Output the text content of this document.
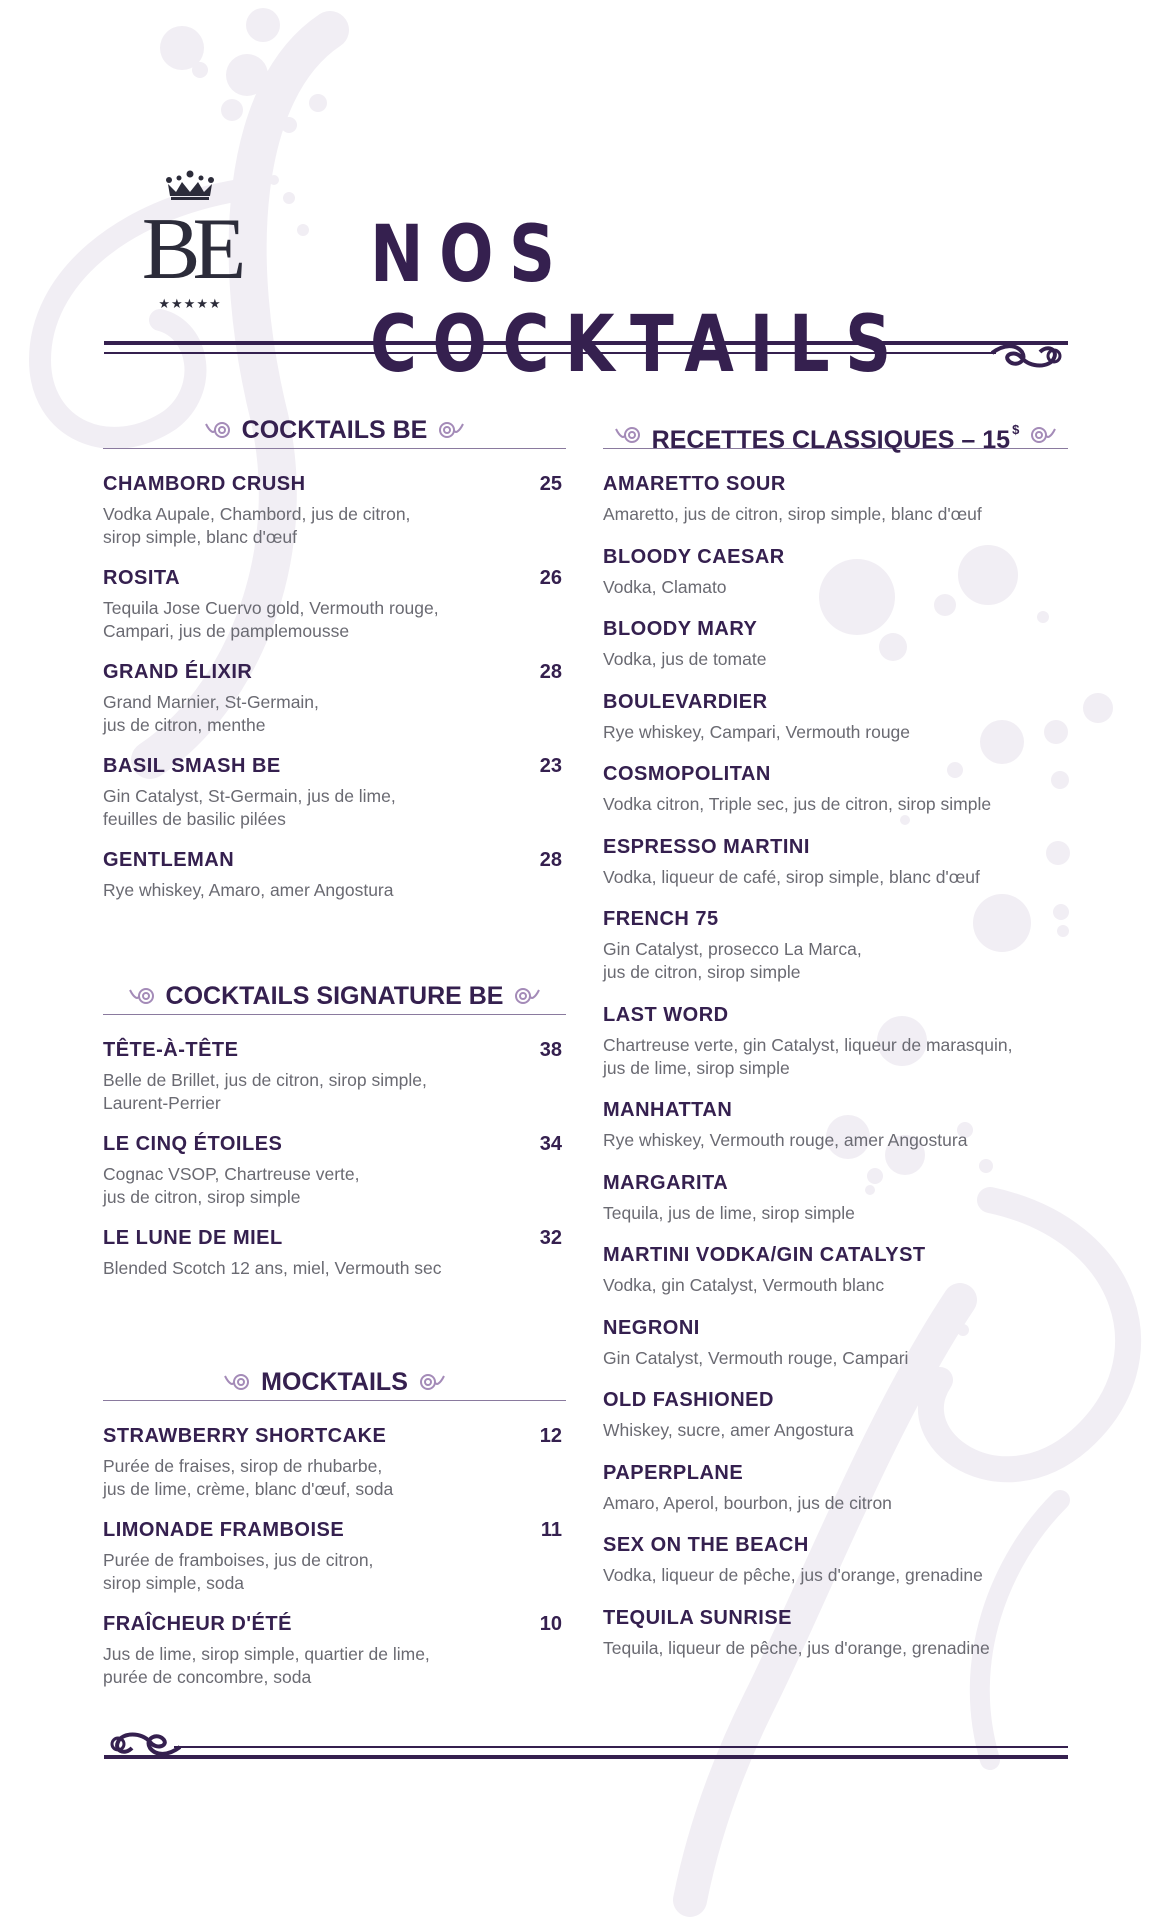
BE
★★★★★
NOS COCKTAILS
COCKTAILS BE
CHAMBORD CRUSH	25
Vodka Aupale, Chambord, jus de citron,
sirop simple, blanc d'œuf
ROSITA	26
Tequila Jose Cuervo gold, Vermouth rouge,
Campari, jus de pamplemousse
GRAND ÉLIXIR	28
Grand Marnier, St-Germain,
jus de citron, menthe
BASIL SMASH BE	23
Gin Catalyst, St-Germain, jus de lime,
feuilles de basilic pilées
GENTLEMAN	28
Rye whiskey, Amaro, amer Angostura
COCKTAILS SIGNATURE BE
TÊTE-À-TÊTE	38
Belle de Brillet, jus de citron, sirop simple,
Laurent-Perrier
LE CINQ ÉTOILES	34
Cognac VSOP, Chartreuse verte,
jus de citron, sirop simple
LE LUNE DE MIEL	32
Blended Scotch 12 ans, miel, Vermouth sec
MOCKTAILS
STRAWBERRY SHORTCAKE	12
Purée de fraises, sirop de rhubarbe,
jus de lime, crème, blanc d'œuf, soda
LIMONADE FRAMBOISE	11
Purée de framboises, jus de citron,
sirop simple, soda
FRAÎCHEUR D'ÉTÉ	10
Jus de lime, sirop simple, quartier de lime,
purée de concombre, soda
RECETTES CLASSIQUES – 15 $
AMARETTO SOUR
Amaretto, jus de citron, sirop simple, blanc d'œuf
BLOODY CAESAR
Vodka, Clamato
BLOODY MARY
Vodka, jus de tomate
BOULEVARDIER
Rye whiskey, Campari, Vermouth rouge
COSMOPOLITAN
Vodka citron, Triple sec, jus de citron, sirop simple
ESPRESSO MARTINI
Vodka, liqueur de café, sirop simple, blanc d'œuf
FRENCH 75
Gin Catalyst, prosecco La Marca,
jus de citron, sirop simple
LAST WORD
Chartreuse verte, gin Catalyst, liqueur de marasquin,
jus de lime, sirop simple
MANHATTAN
Rye whiskey, Vermouth rouge, amer Angostura
MARGARITA
Tequila, jus de lime, sirop simple
MARTINI VODKA/GIN CATALYST
Vodka, gin Catalyst, Vermouth blanc
NEGRONI
Gin Catalyst, Vermouth rouge, Campari
OLD FASHIONED
Whiskey, sucre, amer Angostura
PAPERPLANE
Amaro, Aperol, bourbon, jus de citron
SEX ON THE BEACH
Vodka, liqueur de pêche, jus d'orange, grenadine
TEQUILA SUNRISE
Tequila, liqueur de pêche, jus d'orange, grenadine
